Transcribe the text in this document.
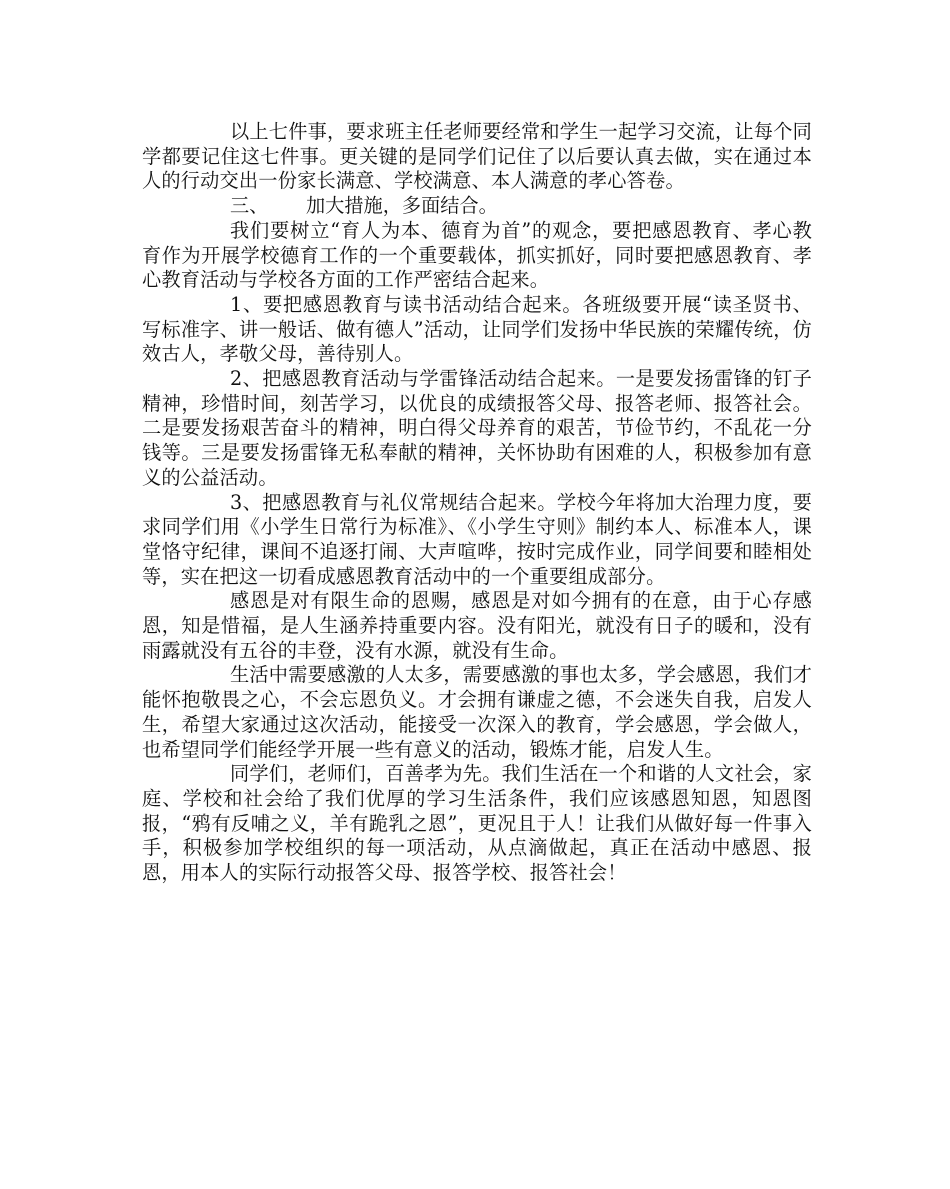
以上七件事，要求班主任老师要经常和学生一起学习交流，让每个同学都要记住这七件事。更关键的是同学们记住了以后要认真去做，实在通过本人的行动交出一份家长满意、学校满意、本人满意的孝心答卷。

三、 加大措施，多面结合。

我们要树立“育人为本、德育为首”的观念，要把感恩教育、孝心教育作为开展学校德育工作的一个重要载体，抓实抓好，同时要把感恩教育、孝心教育活动与学校各方面的工作严密结合起来。

1、要把感恩教育与读书活动结合起来。各班级要开展“读圣贤书、写标准字、讲一般话、做有德人”活动，让同学们发扬中华民族的荣耀传统，仿效古人，孝敬父母，善待别人。

2、把感恩教育活动与学雷锋活动结合起来。一是要发扬雷锋的钉子精神，珍惜时间，刻苦学习，以优良的成绩报答父母、报答老师、报答社会。二是要发扬艰苦奋斗的精神，明白得父母养育的艰苦，节俭节约，不乱花一分钱等。三是要发扬雷锋无私奉献的精神，关怀协助有困难的人，积极参加有意义的公益活动。

3、把感恩教育与礼仪常规结合起来。学校今年将加大治理力度，要求同学们用《小学生日常行为标准》、《小学生守则》制约本人、标准本人，课堂恪守纪律，课间不追逐打闹、大声喧哗，按时完成作业，同学间要和睦相处等，实在把这一切看成感恩教育活动中的一个重要组成部分。

感恩是对有限生命的恩赐，感恩是对如今拥有的在意，由于心存感恩，知是惜福，是人生涵养持重要内容。没有阳光，就没有日子的暖和，没有雨露就没有五谷的丰登，没有水源，就没有生命。

生活中需要感激的人太多，需要感激的事也太多，学会感恩，我们才能怀抱敬畏之心，不会忘恩负义。才会拥有谦虚之德，不会迷失自我，启发人生，希望大家通过这次活动，能接受一次深入的教育，学会感恩，学会做人，也希望同学们能经学开展一些有意义的活动，锻炼才能，启发人生。

同学们，老师们，百善孝为先。我们生活在一个和谐的人文社会，家庭、学校和社会给了我们优厚的学习生活条件，我们应该感恩知恩，知恩图报，“鸦有反哺之义，羊有跪乳之恩”，更况且于人！让我们从做好每一件事入手，积极参加学校组织的每一项活动，从点滴做起，真正在活动中感恩、报恩，用本人的实际行动报答父母、报答学校、报答社会！
